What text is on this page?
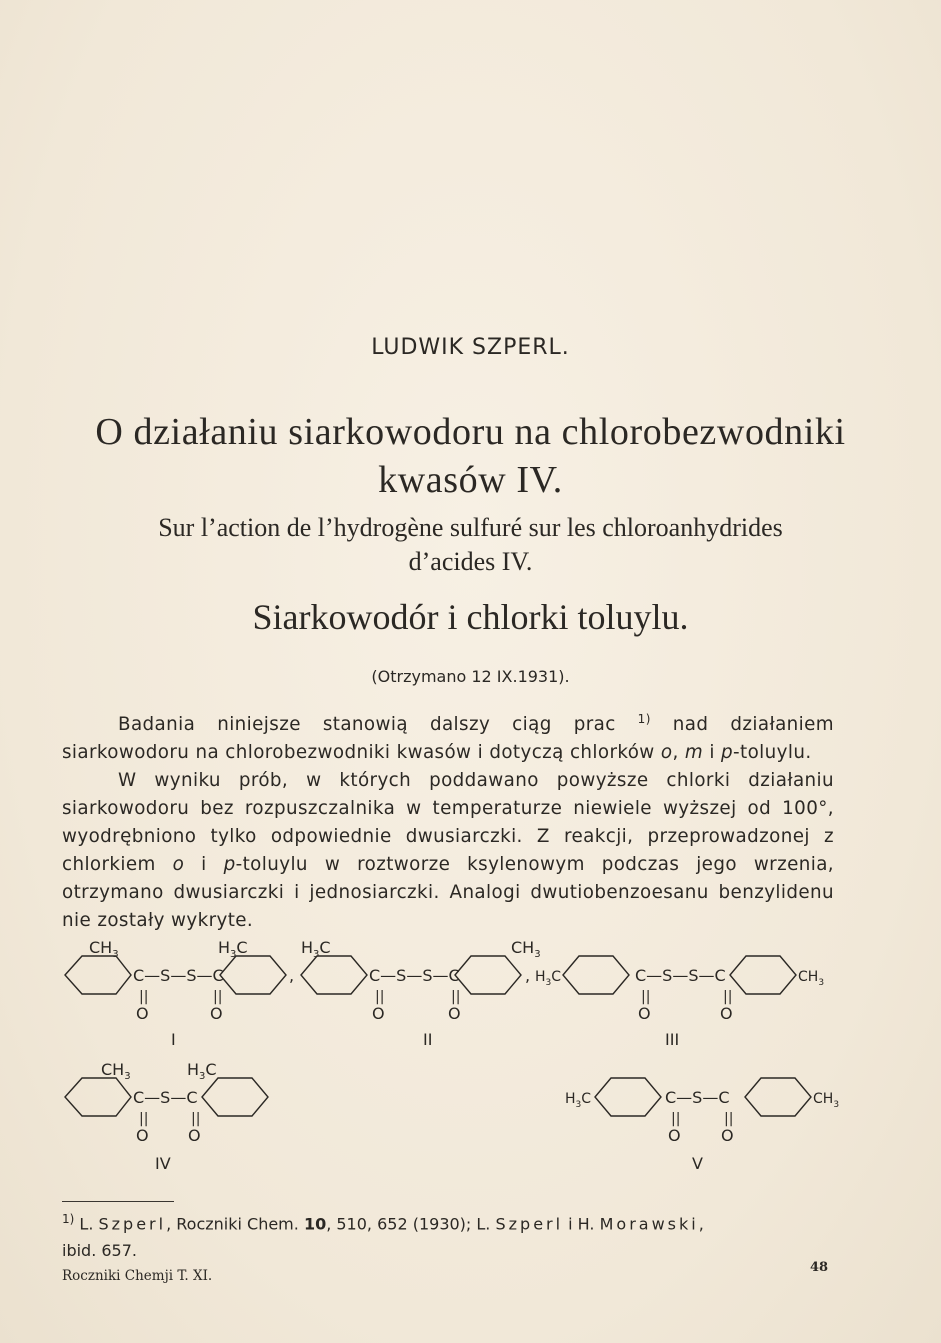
LUDWIK SZPERL.
O działaniu siarkowodoru na chlorobezwodniki
kwasów IV.
Sur l’action de l’hydrogène sulfuré sur les chloroanhydrides
d’acides IV.
Siarkowodór i chlorki toluylu.
(Otrzymano 12 IX.1931).

Badania niniejsze stanowią dalszy ciąg prac $^{1)}$ nad działaniem siarkowodoru na chlorobezwodniki kwasów i dotyczą chlorków o, m i p-toluylu.

W wyniku prób, w których poddawano powyższe chlorki działaniu siarkowodoru bez rozpuszczalnika w temperaturze niewiele wyższej od 100°, wyodrębniono tylko odpowiednie dwusiarczki. Z reakcji, przeprowadzonej z chlorkiem o i p-toluylu w roztworze ksylenowym podczas jego wrzenia, otrzymano dwusiarczki i jednosiarczki. Analogi dwutiobenzoesanu benzylidenu nie zostały wykryte.

$CH_3$
C—S—S—C
$H_3C$
||
O
||
O
,
I
$H_3C$
C—S—S—C
$CH_3$
||
O
||
O
,
II
$H_3C$	C—S—S—C	$CH_3$
||
O
||
O
III
$CH_3$
C—S—C
$H_3C$
||
O
||
O
IV
$H_3C$	C—S—C	$CH_3$
||
O
||
O
V
$^{1)}$ L. Szperl, Roczniki Chem. 10, 510, 652 (1930); L. Szperl i H. Morawski,
ibid. 657.
Roczniki Chemji T. XI.
48
